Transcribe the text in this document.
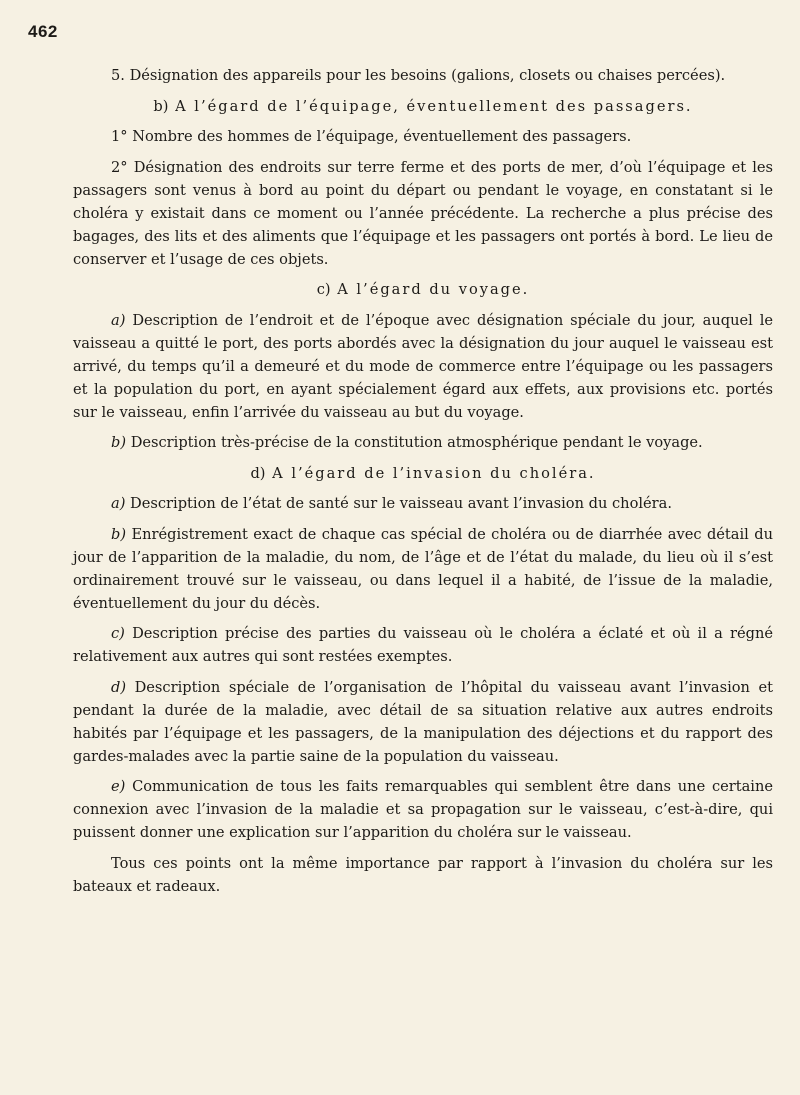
462

5. Désignation des appareils pour les besoins (galions, closets ou chaises percées).

b) A l’égard de l’équipage, éventuellement des passagers.

1° Nombre des hommes de l’équipage, éventuellement des passagers.

2° Désignation des endroits sur terre ferme et des ports de mer, d’où l’équipage et les passagers sont venus à bord au point du départ ou pendant le voyage, en constatant si le choléra y existait dans ce moment ou l’année précédente. La recherche a plus précise des bagages, des lits et des aliments que l’équipage et les passagers ont portés à bord. Le lieu de conserver et l’usage de ces objets.

c) A l’égard du voyage.

a) Description de l’endroit et de l’époque avec désignation spéciale du jour, auquel le vaisseau a quitté le port, des ports abordés avec la désignation du jour auquel le vaisseau est arrivé, du temps qu’il a demeuré et du mode de commerce entre l’équipage ou les passagers et la population du port, en ayant spécialement égard aux effets, aux provisions etc. portés sur le vaisseau, enfin l’arrivée du vaisseau au but du voyage.

b) Description très-précise de la constitution atmosphérique pendant le voyage.

d) A l’égard de l’invasion du choléra.

a) Description de l’état de santé sur le vaisseau avant l’invasion du choléra.

b) Enrégistrement exact de chaque cas spécial de choléra ou de diarrhée avec détail du jour de l’apparition de la maladie, du nom, de l’âge et de l’état du malade, du lieu où il s’est ordinairement trouvé sur le vaisseau, ou dans lequel il a habité, de l’issue de la maladie, éventuellement du jour du décès.

c) Description précise des parties du vaisseau où le choléra a éclaté et où il a régné relativement aux autres qui sont restées exemptes.

d) Description spéciale de l’organisation de l’hôpital du vaisseau avant l’invasion et pendant la durée de la maladie, avec détail de sa situation relative aux autres endroits habités par l’équipage et les passagers, de la manipulation des déjections et du rapport des gardes-malades avec la partie saine de la population du vaisseau.

e) Communication de tous les faits remarquables qui semblent être dans une certaine connexion avec l’invasion de la maladie et sa propagation sur le vaisseau, c’est-à-dire, qui puissent donner une explication sur l’apparition du choléra sur le vaisseau.

Tous ces points ont la même importance par rapport à l’invasion du choléra sur les bateaux et radeaux.
